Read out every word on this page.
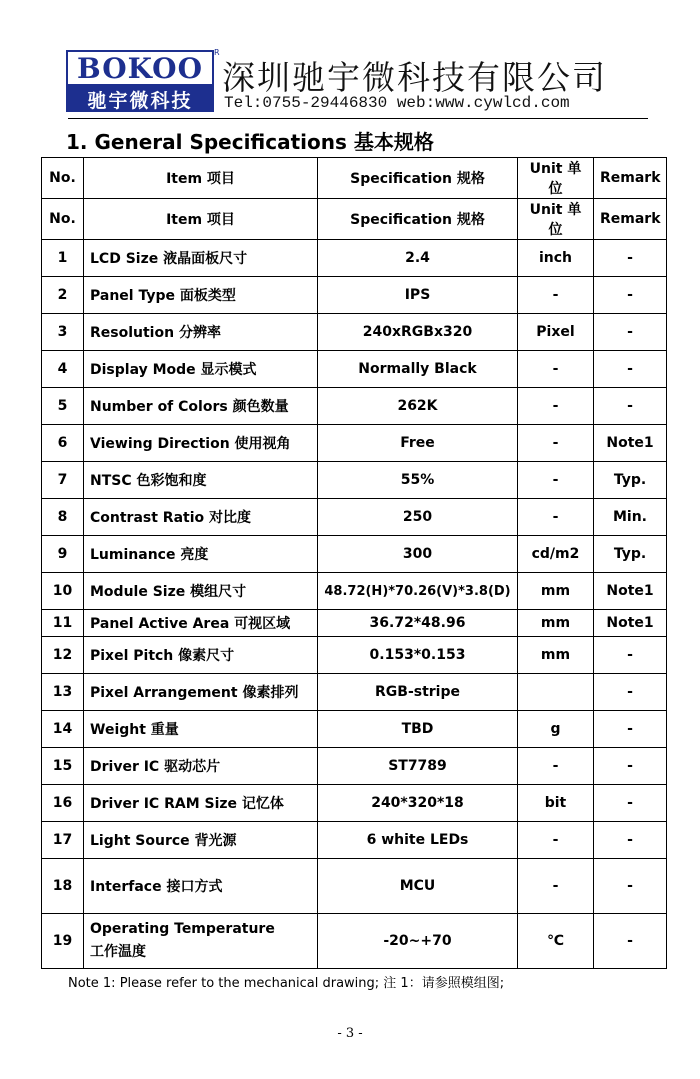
BOKOO R
驰宇微科技
深圳驰宇微科技有限公司
Tel:0755-29446830 web:www.cywlcd.com
1. General Specifications 基本规格
No.	Item 项目	Specification 规格	Unit 单位	Remark
No.	Item 项目	Specification 规格	Unit 单位	Remark
1	LCD Size 液晶面板尺寸	2.4	inch	-
2	Panel Type 面板类型	IPS	-	-
3	Resolution 分辨率	240xRGBx320	Pixel	-
4	Display Mode 显示模式	Normally Black	-	-
5	Number of Colors 颜色数量	262K	-	-
6	Viewing Direction 使用视角	Free	-	Note1
7	NTSC 色彩饱和度	55%	-	Typ.
8	Contrast Ratio 对比度	250	-	Min.
9	Luminance 亮度	300	cd/m2	Typ.
10	Module Size 模组尺寸	48.72(H)*70.26(V)*3.8(D)	mm	Note1
11	Panel Active Area 可视区域	36.72*48.96	mm	Note1
12	Pixel Pitch 像素尺寸	0.153*0.153	mm	-
13	Pixel Arrangement 像素排列	RGB-stripe		-
14	Weight 重量	TBD	g	-
15	Driver IC 驱动芯片	ST7789	-	-
16	Driver IC RAM Size 记忆体	240*320*18	bit	-
17	Light Source 背光源	6 white LEDs	-	-
18	Interface 接口方式	MCU	-	-
19	Operating Temperature
工作温度	-20~+70	℃	-
Note 1: Please refer to the mechanical drawing; 注 1：请参照模组图;
- 3 -
